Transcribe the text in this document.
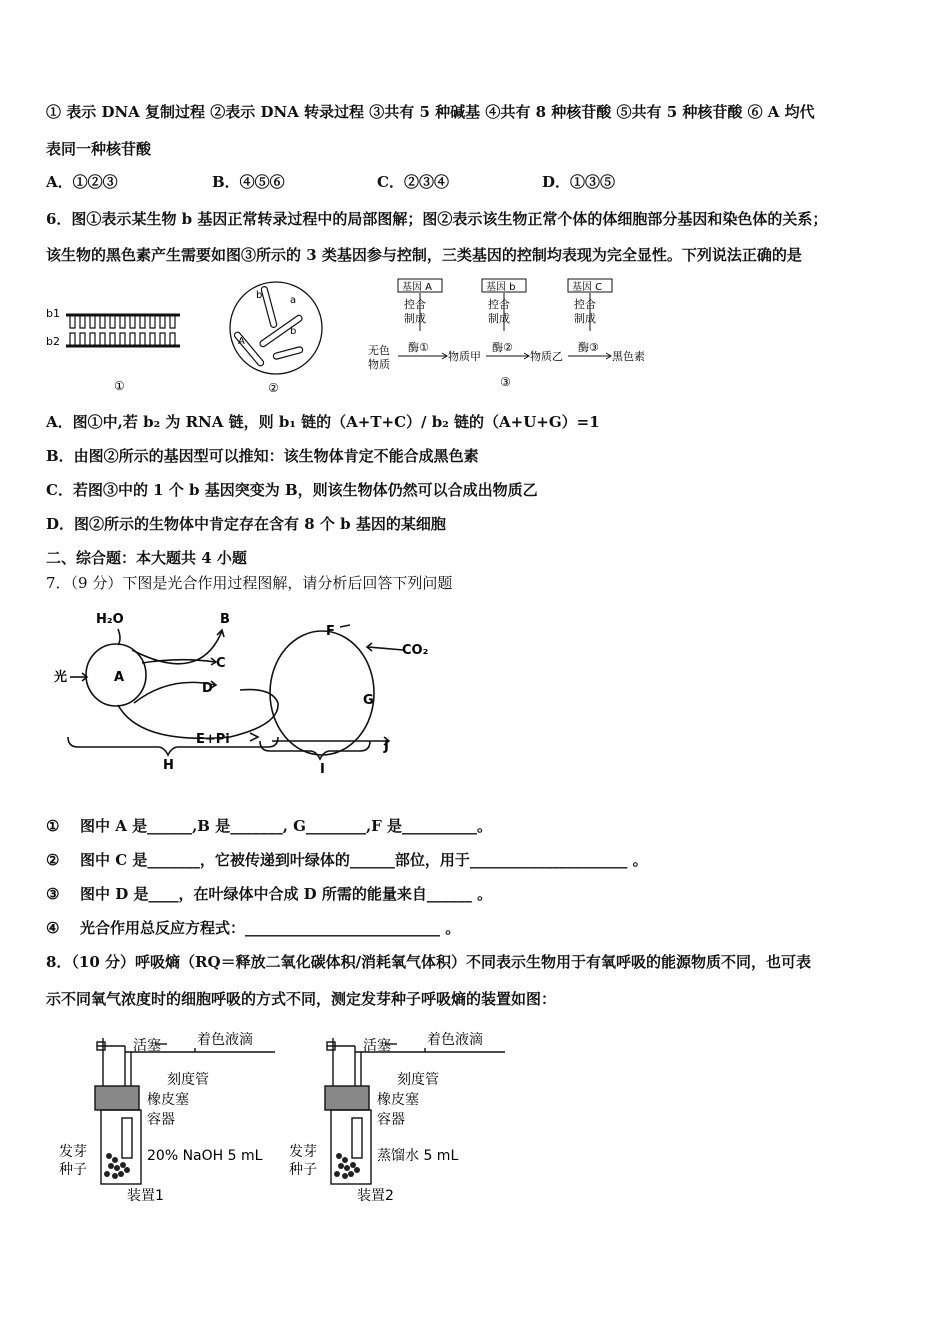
① 表示 DNA 复制过程 ②表示 DNA 转录过程 ③共有 5 种碱基 ④共有 8 种核苷酸 ⑤共有 5 种核苷酸 ⑥ A 均代
表同一种核苷酸
A．①②③	B．④⑤⑥	C．②③④	D．①③⑤
6．图①表示某生物 b 基因正常转录过程中的局部图解；图②表示该生物正常个体的体细胞部分基因和染色体的关系；
该生物的黑色素产生需要如图③所示的 3 类基因参与控制，三类基因的控制均表现为完全显性。下列说法正确的是
b1
b2
①
b	a
b
A
②
基因 A	基因 b	基因 C
控合
制成
控合
制成
控合
制成
酶①	酶②	酶③
无色
物质
物质甲	物质乙	黑色素
③
A．图①中,若 b₂ 为 RNA 链，则 b₁ 链的（A+T+C）/ b₂ 链的（A+U+G）=1
B．由图②所示的基因型可以推知：该生物体肯定不能合成黑色素
C．若图③中的 1 个 b 基因突变为 B，则该生物体仍然可以合成出物质乙
D．图②所示的生物体中肯定存在含有 8 个 b 基因的某细胞
二、综合题：本大题共 4 小题
7．（9 分）下图是光合作用过程图解，请分析后回答下列问题
H₂O	B
光	A
C
D
E+Pi
F
CO₂
G
J
H	I
① 图中 A 是______,B 是_______, G________,F 是__________。
② 图中 C 是_______，它被传递到叶绿体的______部位，用于_____________________ 。
③ 图中 D 是____，在叶绿体中合成 D 所需的能量来自______ 。
④ 光合作用总反应方程式：__________________________ 。
8．（10 分）呼吸熵（RQ＝释放二氧化碳体积/消耗氧气体积）不同表示生物用于有氧呼吸的能源物质不同，也可表
示不同氧气浓度时的细胞呼吸的方式不同，测定发芽种子呼吸熵的装置如图：
活塞	着色液滴
刻度管
橡皮塞
容器
发芽
种子
20% NaOH 5 mL
装置1
活塞	着色液滴
刻度管
橡皮塞
容器
发芽
种子
蒸馏水 5 mL
装置2
